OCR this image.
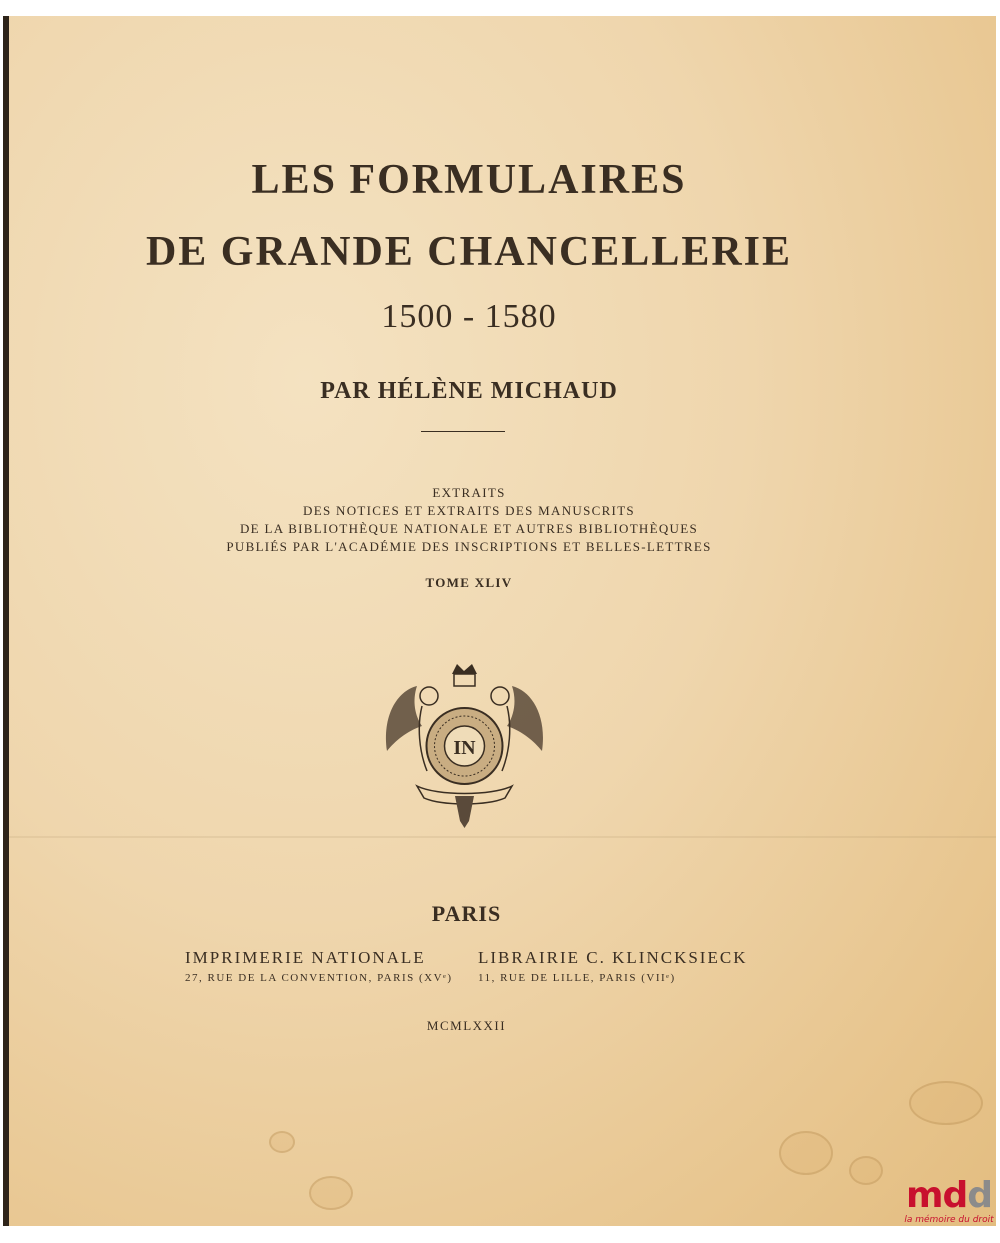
LES FORMULAIRES
DE GRANDE CHANCELLERIE
1500 - 1580
PAR HÉLÈNE MICHAUD
EXTRAITS
DES NOTICES ET EXTRAITS DES MANUSCRITS
DE LA BIBLIOTHÈQUE NATIONALE ET AUTRES BIBLIOTHÈQUES
PUBLIÉS PAR L'ACADÉMIE DES INSCRIPTIONS ET BELLES-LETTRES
TOME XLIV
IN
PARIS
IMPRIMERIE NATIONALE
27, RUE DE LA CONVENTION, PARIS (XVᵉ)
LIBRAIRIE C. KLINCKSIECK
11, RUE DE LILLE, PARIS (VIIᵉ)
MCMLXXII
mdd
la mémoire du droit
